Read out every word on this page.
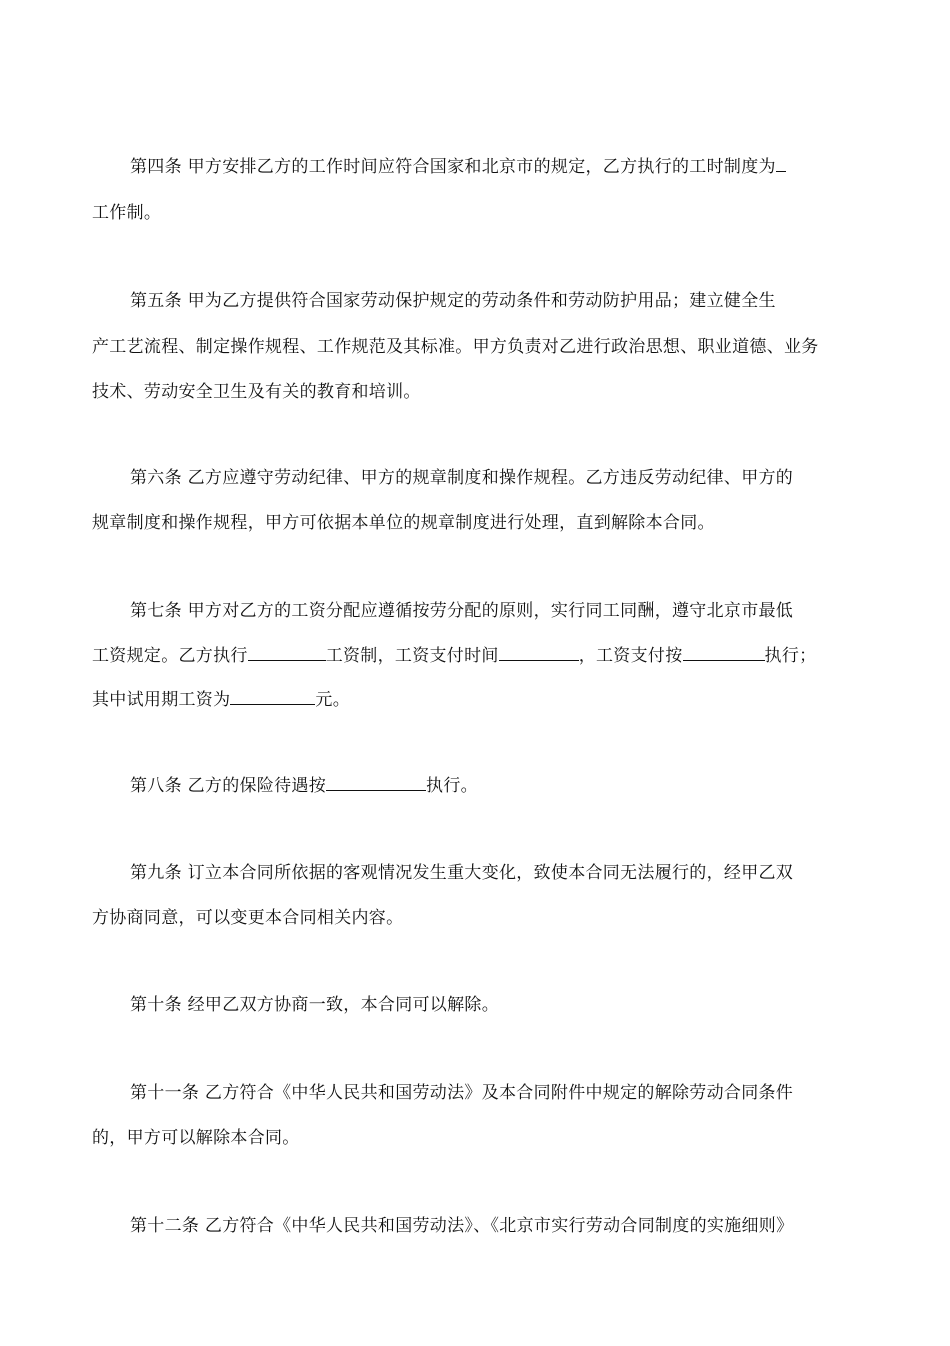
第四条 甲方安排乙方的工作时间应符合国家和北京市的规定，乙方执行的工时制度为
工作制。
第五条 甲为乙方提供符合国家劳动保护规定的劳动条件和劳动防护用品；建立健全生
产工艺流程、制定操作规程、工作规范及其标准。甲方负责对乙进行政治思想、职业道德、业务
技术、劳动安全卫生及有关的教育和培训。
第六条 乙方应遵守劳动纪律、甲方的规章制度和操作规程。乙方违反劳动纪律、甲方的
规章制度和操作规程，甲方可依据本单位的规章制度进行处理，直到解除本合同。
第七条 甲方对乙方的工资分配应遵循按劳分配的原则，实行同工同酬，遵守北京市最低
工资规定。乙方执行	工资制，工资支付时间	，工资支付按	执行；
其中试用期工资为	元。
第八条 乙方的保险待遇按	执行。
第九条 订立本合同所依据的客观情况发生重大变化，致使本合同无法履行的，经甲乙双
方协商同意，可以变更本合同相关内容。
第十条 经甲乙双方协商一致，本合同可以解除。
第十一条 乙方符合《中华人民共和国劳动法》及本合同附件中规定的解除劳动合同条件
的，甲方可以解除本合同。
第十二条 乙方符合《中华人民共和国劳动法》、《北京市实行劳动合同制度的实施细则》
